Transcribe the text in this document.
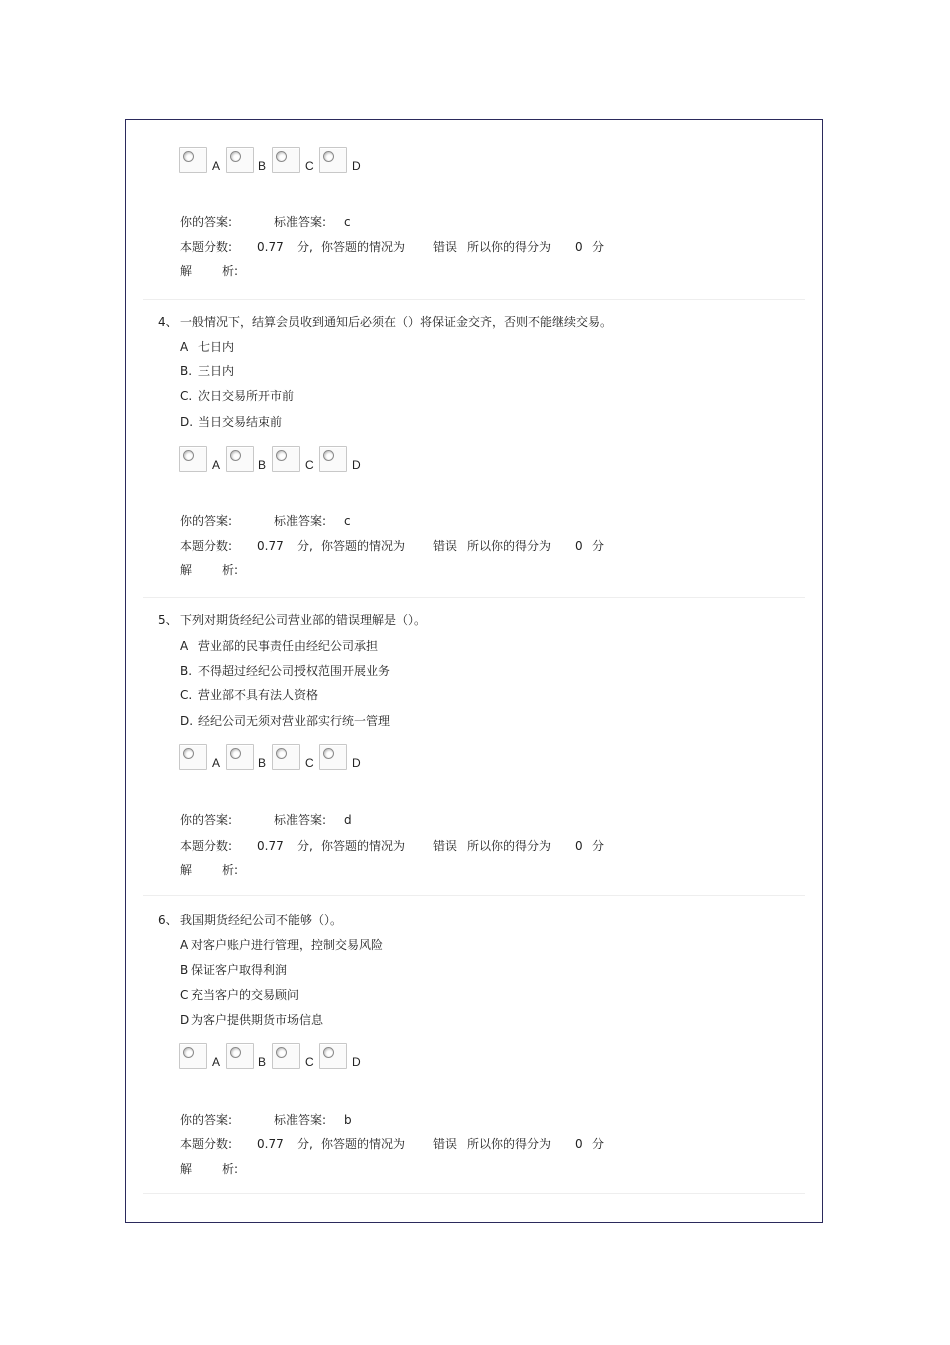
A	B	C	D
你的答案:	标准答案: c
本题分数: 0.77 分, 你答题的情况为 错误 所以你的得分为 0 分
解 析:
4、 一般情况下，结算会员收到通知后必须在（）将保证金交齐，否则不能继续交易。
A 七日内
B. 三日内
C. 次日交易所开市前
D. 当日交易结束前
A	B	C	D
你的答案:	标准答案: c
本题分数: 0.77 分, 你答题的情况为 错误 所以你的得分为 0 分
解 析:
5、 下列对期货经纪公司营业部的错误理解是（）。
A 营业部的民事责任由经纪公司承担
B. 不得超过经纪公司授权范围开展业务
C. 营业部不具有法人资格
D. 经纪公司无须对营业部实行统一管理
A	B	C	D
你的答案:	标准答案: d
本题分数: 0.77 分, 你答题的情况为 错误 所以你的得分为 0 分
解 析:
6、 我国期货经纪公司不能够（）。
A 对客户账户进行管理，控制交易风险
B 保证客户取得利润
C 充当客户的交易顾问
D 为客户提供期货市场信息
A	B	C	D
你的答案:	标准答案: b
本题分数: 0.77 分, 你答题的情况为 错误 所以你的得分为 0 分
解 析:
